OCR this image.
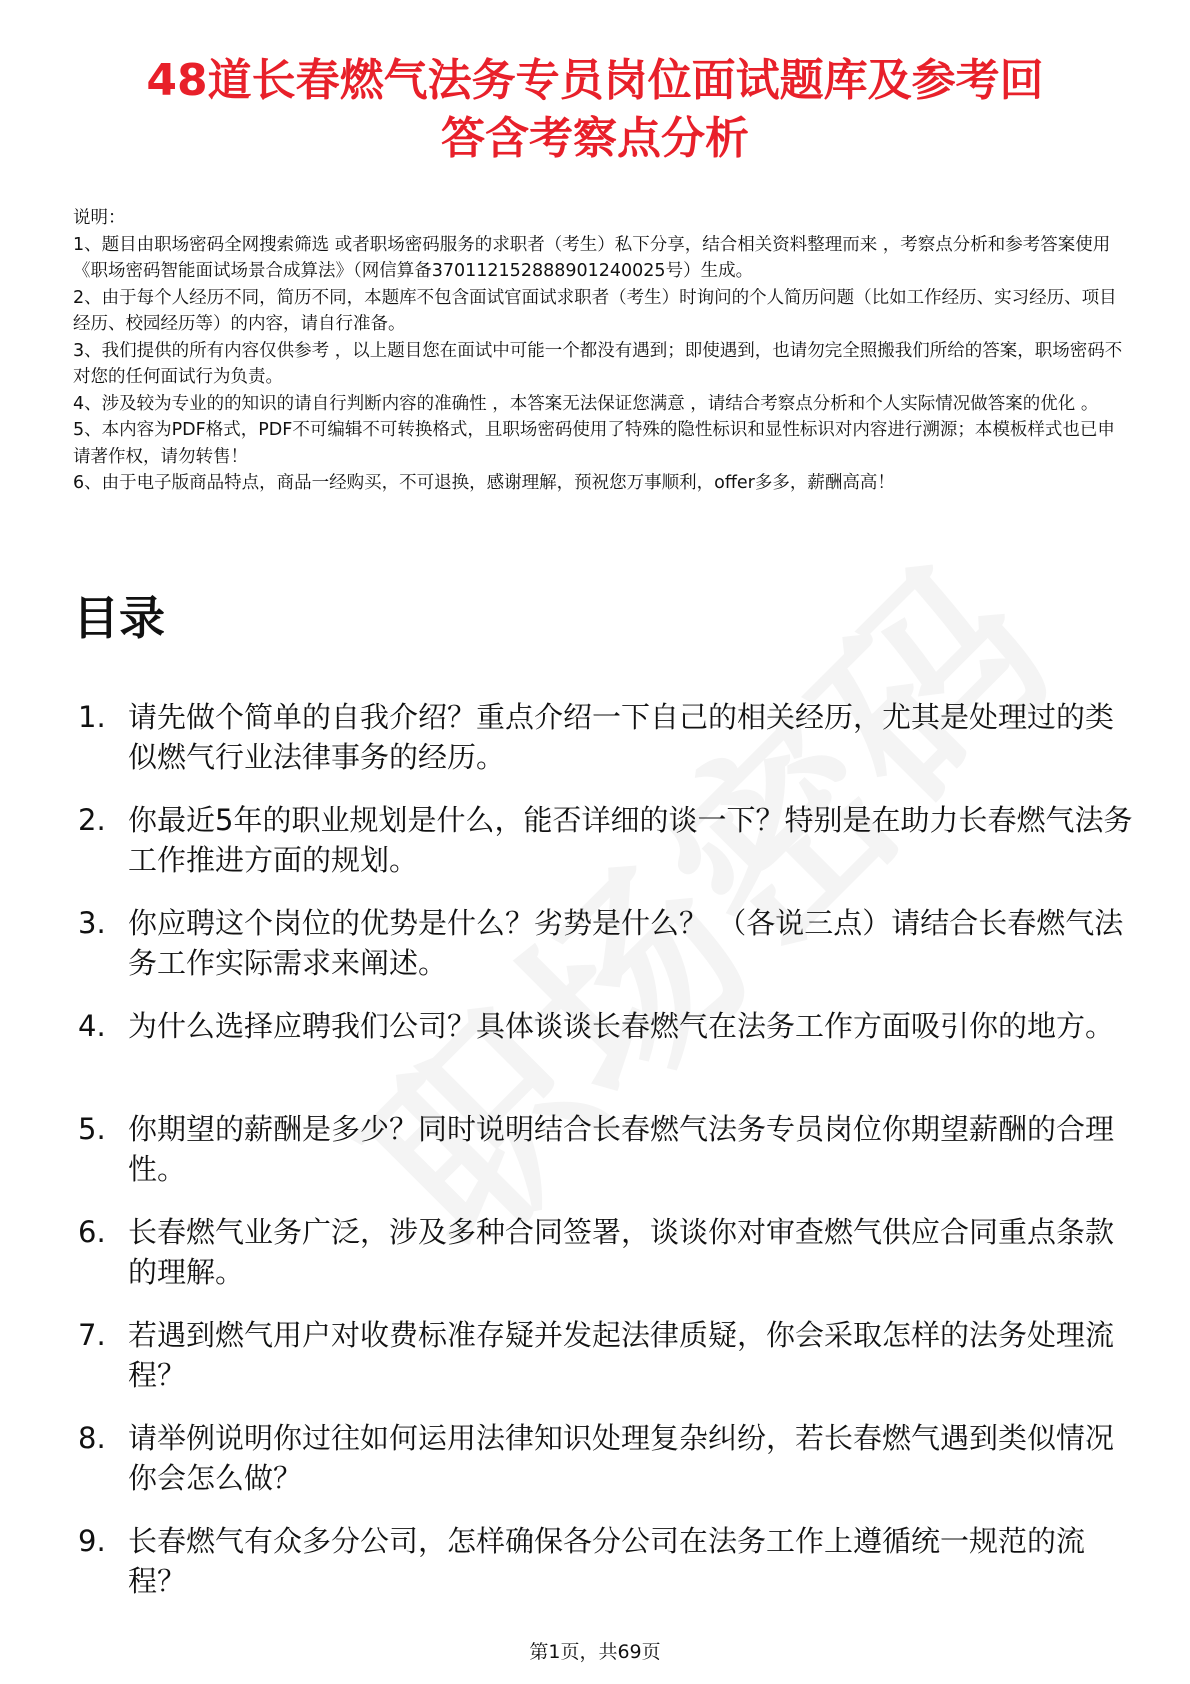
48道长春燃气法务专员岗位面试题库及参考回
答含考察点分析

说明：

1、题目由职场密码全网搜索筛选 或者职场密码服务的求职者（考生）私下分享，结合相关资料整理而来 ，考察点分析和参考答案使用《职场密码智能面试场景合成算法》（网信算备370112152888901240025号）生成。

2、由于每个人经历不同，简历不同，本题库不包含面试官面试求职者（考生）时询问的个人简历问题（比如工作经历、实习经历、项目经历、校园经历等）的内容，请自行准备。

3、我们提供的所有内容仅供参考 ，以上题目您在面试中可能一个都没有遇到；即使遇到，也请勿完全照搬我们所给的答案，职场密码不对您的任何面试行为负责。

4、涉及较为专业的的知识的请自行判断内容的准确性 ，本答案无法保证您满意 ，请结合考察点分析和个人实际情况做答案的优化 。

5、本内容为PDF格式，PDF不可编辑不可转换格式，且职场密码使用了特殊的隐性标识和显性标识对内容进行溯源；本模板样式也已申请著作权，请勿转售！

6、由于电子版商品特点，商品一经购买，不可退换，感谢理解，预祝您万事顺利，offer多多，薪酬高高！

目录
1. 请先做个简单的自我介绍？重点介绍一下自己的相关经历，尤其是处理过的类似燃气行业法律事务的经历。
2. 你最近5年的职业规划是什么，能否详细的谈一下？特别是在助力长春燃气法务工作推进方面的规划。
3. 你应聘这个岗位的优势是什么？劣势是什么？ （各说三点）请结合长春燃气法务工作实际需求来阐述。
4. 为什么选择应聘我们公司？具体谈谈长春燃气在法务工作方面吸引你的地方。
5. 你期望的薪酬是多少？同时说明结合长春燃气法务专员岗位你期望薪酬的合理性。
6. 长春燃气业务广泛，涉及多种合同签署，谈谈你对审查燃气供应合同重点条款的理解。
7. 若遇到燃气用户对收费标准存疑并发起法律质疑，你会采取怎样的法务处理流程？
8. 请举例说明你过往如何运用法律知识处理复杂纠纷，若长春燃气遇到类似情况你会怎么做？
9. 长春燃气有众多分公司，怎样确保各分公司在法务工作上遵循统一规范的流程？
第1页，共69页
